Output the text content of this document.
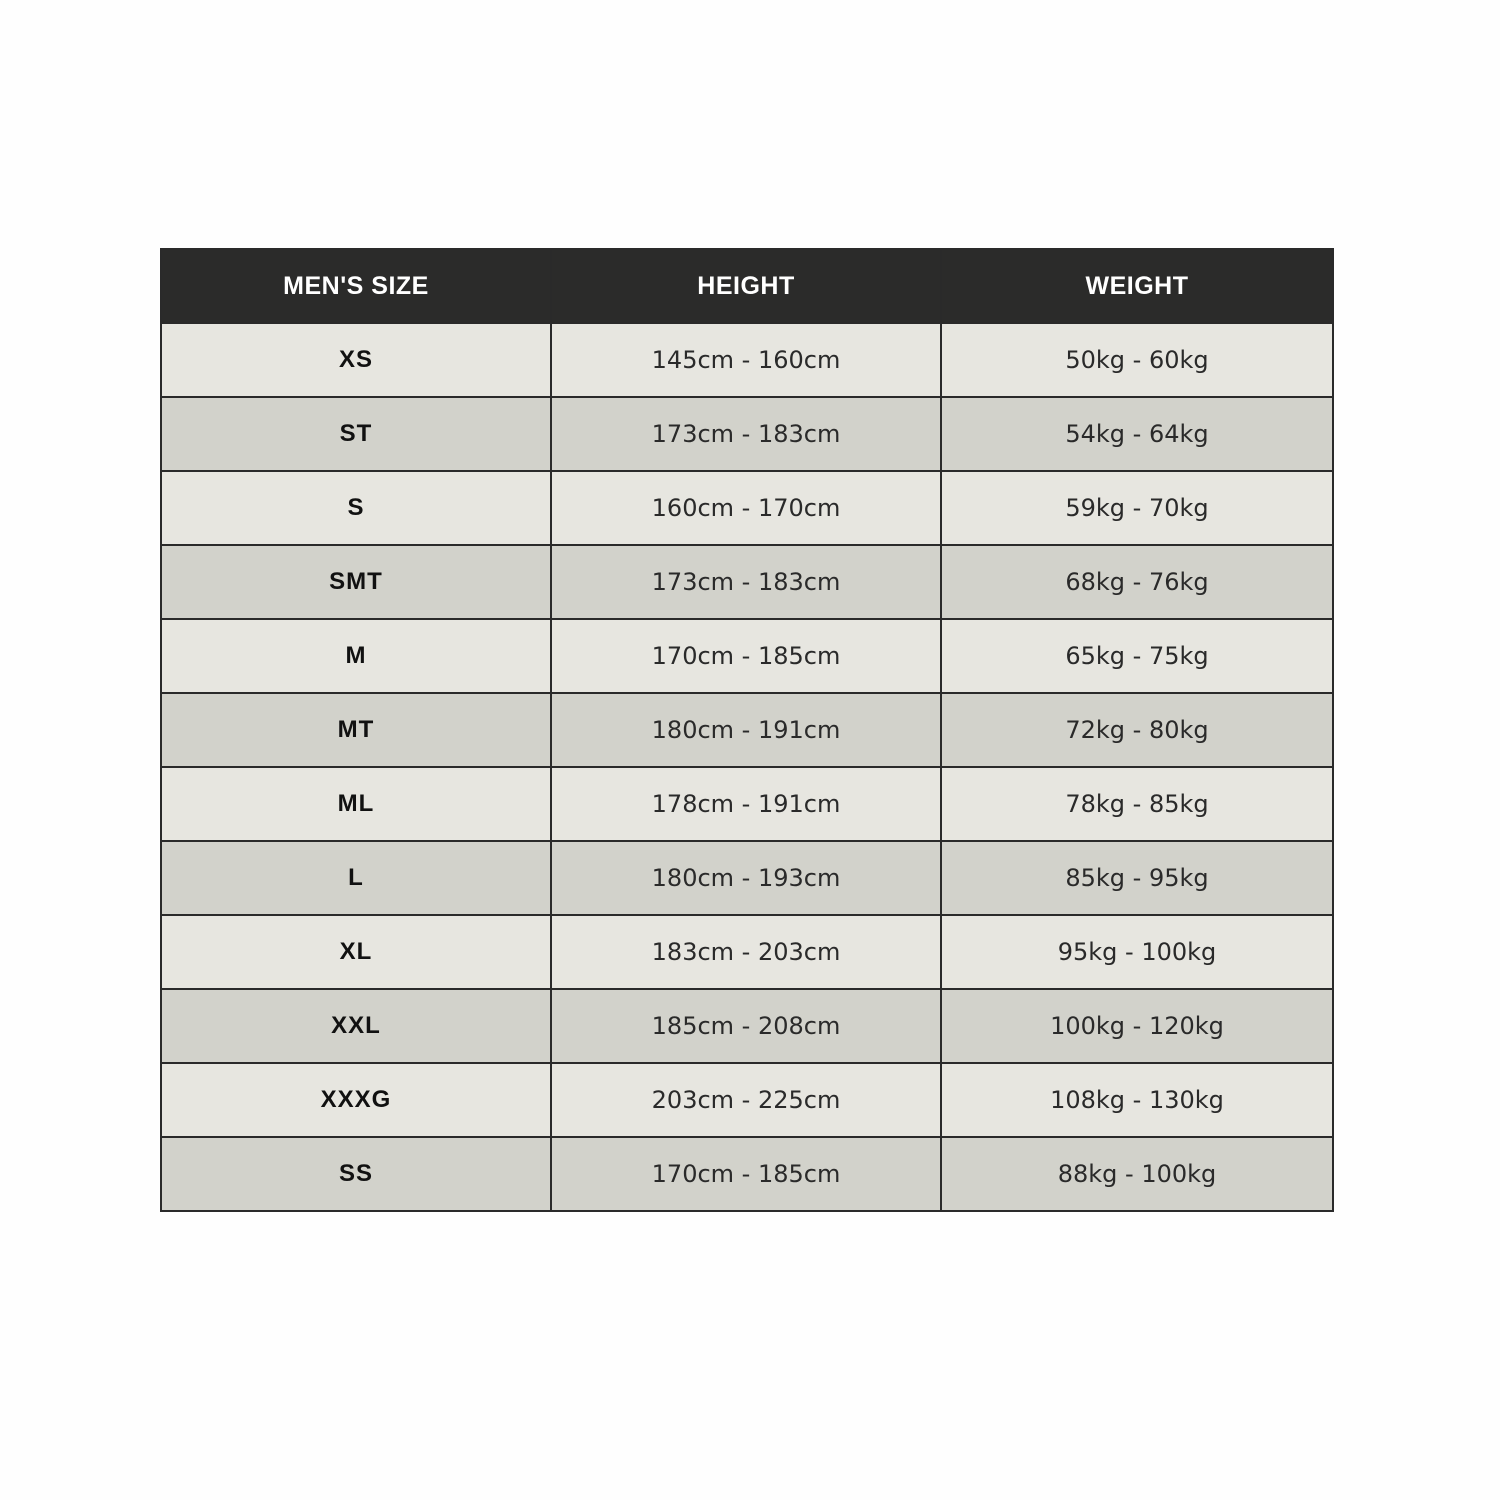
MEN'S SIZE	HEIGHT	WEIGHT
XS	145cm - 160cm	50kg - 60kg
ST	173cm - 183cm	54kg - 64kg
S	160cm - 170cm	59kg - 70kg
SMT	173cm - 183cm	68kg - 76kg
M	170cm - 185cm	65kg - 75kg
MT	180cm - 191cm	72kg - 80kg
ML	178cm - 191cm	78kg - 85kg
L	180cm - 193cm	85kg - 95kg
XL	183cm - 203cm	95kg - 100kg
XXL	185cm - 208cm	100kg - 120kg
XXXG	203cm - 225cm	108kg - 130kg
SS	170cm - 185cm	88kg - 100kg
